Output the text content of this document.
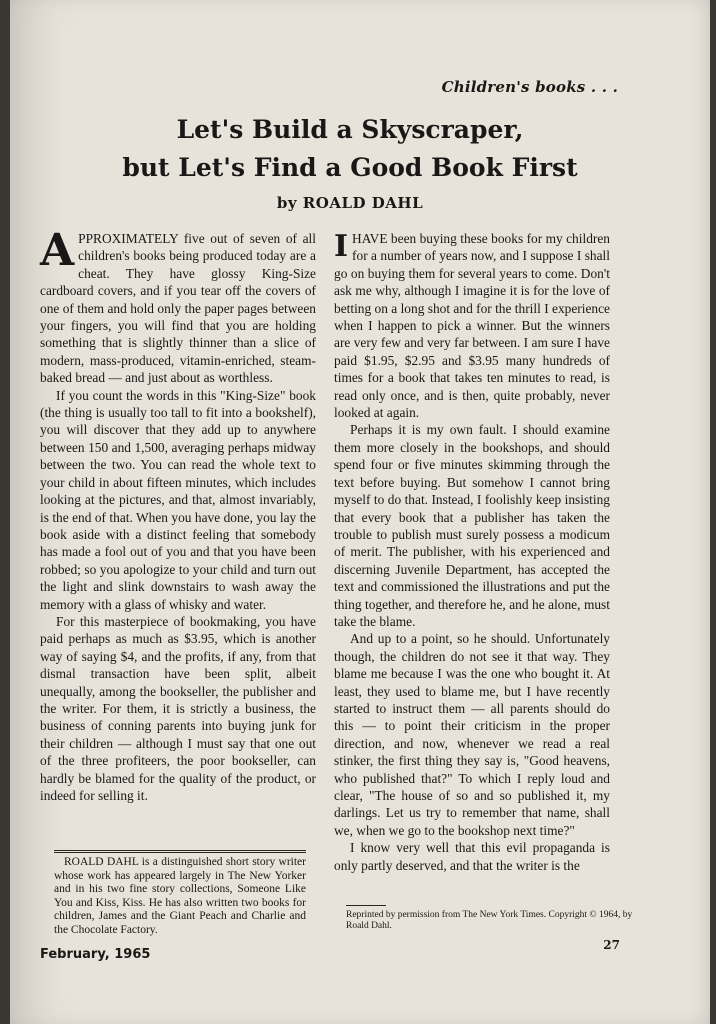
Children's books . . .
Let's Build a Skyscraper,
but Let's Find a Good Book First
by ROALD DAHL

APPROXIMATELY five out of seven of all children's books being produced today are a cheat. They have glossy King-Size cardboard covers, and if you tear off the covers of one of them and hold only the paper pages between your fingers, you will find that you are holding something that is slightly thinner than a slice of modern, mass-produced, vitamin-enriched, steam-baked bread — and just about as worthless.

If you count the words in this "King-Size" book (the thing is usually too tall to fit into a bookshelf), you will discover that they add up to anywhere between 150 and 1,500, averaging perhaps midway between the two. You can read the whole text to your child in about fifteen minutes, which includes looking at the pictures, and that, almost invariably, is the end of that. When you have done, you lay the book aside with a distinct feeling that somebody has made a fool out of you and that you have been robbed; so you apologize to your child and turn out the light and slink downstairs to wash away the memory with a glass of whisky and water.

For this masterpiece of bookmaking, you have paid perhaps as much as $3.95, which is another way of saying $4, and the profits, if any, from that dismal transaction have been split, albeit unequally, among the bookseller, the publisher and the writer. For them, it is strictly a business, the business of conning parents into buying junk for their children — although I must say that one out of the three profiteers, the poor bookseller, can hardly be blamed for the quality of the product, or indeed for selling it.

ROALD DAHL is a distinguished short story writer whose work has appeared largely in The New Yorker and in his two fine story collections, Someone Like You and Kiss, Kiss. He has also written two books for children, James and the Giant Peach and Charlie and the Chocolate Factory.

IHAVE been buying these books for my children for a number of years now, and I suppose I shall go on buying them for several years to come. Don't ask me why, although I imagine it is for the love of betting on a long shot and for the thrill I experience when I happen to pick a winner. But the winners are very few and very far between. I am sure I have paid $1.95, $2.95 and $3.95 many hundreds of times for a book that takes ten minutes to read, is read only once, and is then, quite probably, never looked at again.

Perhaps it is my own fault. I should examine them more closely in the bookshops, and should spend four or five minutes skimming through the text before buying. But somehow I cannot bring myself to do that. Instead, I foolishly keep insisting that every book that a publisher has taken the trouble to publish must surely possess a modicum of merit. The publisher, with his experienced and discerning Juvenile Department, has accepted the text and commissioned the illustrations and put the thing together, and therefore he, and he alone, must take the blame.

And up to a point, so he should. Unfortunately though, the children do not see it that way. They blame me because I was the one who bought it. At least, they used to blame me, but I have recently started to instruct them — all parents should do this — to point their criticism in the proper direction, and now, whenever we read a real stinker, the first thing they say is, "Good heavens, who published that?" To which I reply loud and clear, "The house of so and so published it, my darlings. Let us try to remember that name, shall we, when we go to the bookshop next time?"

I know very well that this evil propaganda is only partly deserved, and that the writer is the

Reprinted by permission from The New York Times. Copyright © 1964, by Roald Dahl.
February, 1965
27
